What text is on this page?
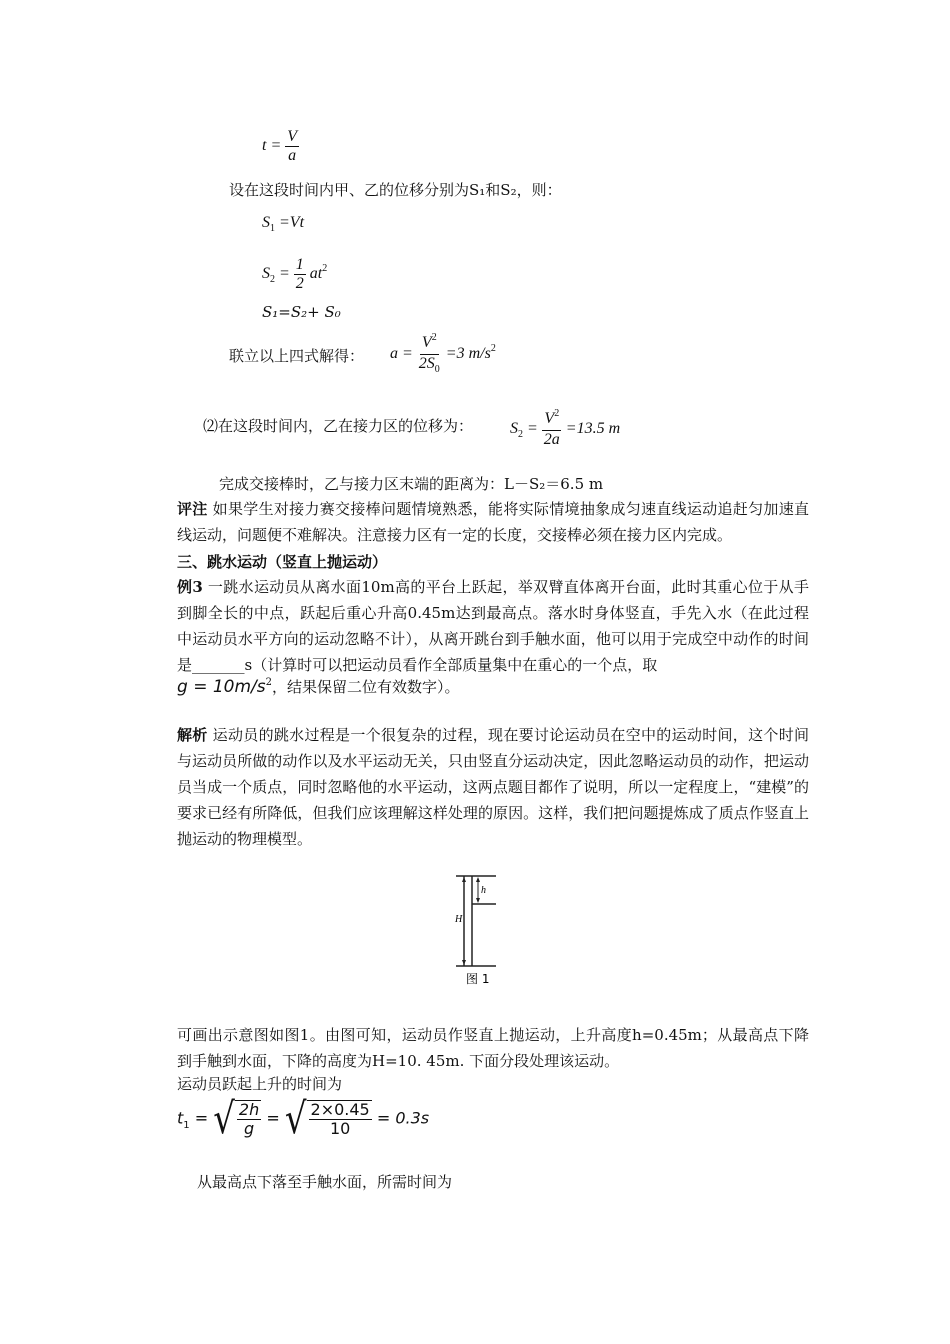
$t = \frac{V}{a}$
设在这段时间内甲、乙的位移分别为S₁和S₂，则：
$S_1 =Vt$
$S_2 = \frac{1}{2} at^2$
S₁=S₂+ S₀
联立以上四式解得： $a = \frac{V^2}{2S_0} =3$ $m/s^2$
⑵在这段时间内，乙在接力区的位移为： $S_2 = \frac{V^2}{2a} =13.5$ m
完成交接棒时，乙与接力区末端的距离为：L－S₂＝6.5 m
评注 如果学生对接力赛交接棒问题情境熟悉，能将实际情境抽象成匀速直线运动追赶匀加速直线运动，问题便不难解决。注意接力区有一定的长度，交接棒必须在接力区内完成。
三、跳水运动（竖直上抛运动）
例3 一跳水运动员从离水面10m高的平台上跃起，举双臂直体离开台面，此时其重心位于从手到脚全长的中点，跃起后重心升高0.45m达到最高点。落水时身体竖直，手先入水（在此过程中运动员水平方向的运动忽略不计），从离开跳台到手触水面，他可以用于完成空中动作的时间是_______s（计算时可以把运动员看作全部质量集中在重心的一个点，取
$g = 10m/s^2$，结果保留二位有效数字）。
解析 运动员的跳水过程是一个很复杂的过程，现在要讨论运动员在空中的运动时间，这个时间与运动员所做的动作以及水平运动无关，只由竖直分运动决定，因此忽略运动员的动作，把运动员当成一个质点，同时忽略他的水平运动，这两点题目都作了说明，所以一定程度上，“建模”的要求已经有所降低，但我们应该理解这样处理的原因。这样，我们把问题提炼成了质点作竖直上抛运动的物理模型。
h
H
图 1
可画出示意图如图1。由图可知，运动员作竖直上抛运动，上升高度h=0.45m；从最高点下降到手触到水面，下降的高度为H=10. 45m. 下面分段处理该运动。
运动员跃起上升的时间为
$t_1$ = √ $\frac{2h}{g}$ = √ $\frac{2\times 0.45}{10} = 0.3s$
从最高点下落至手触水面，所需时间为
